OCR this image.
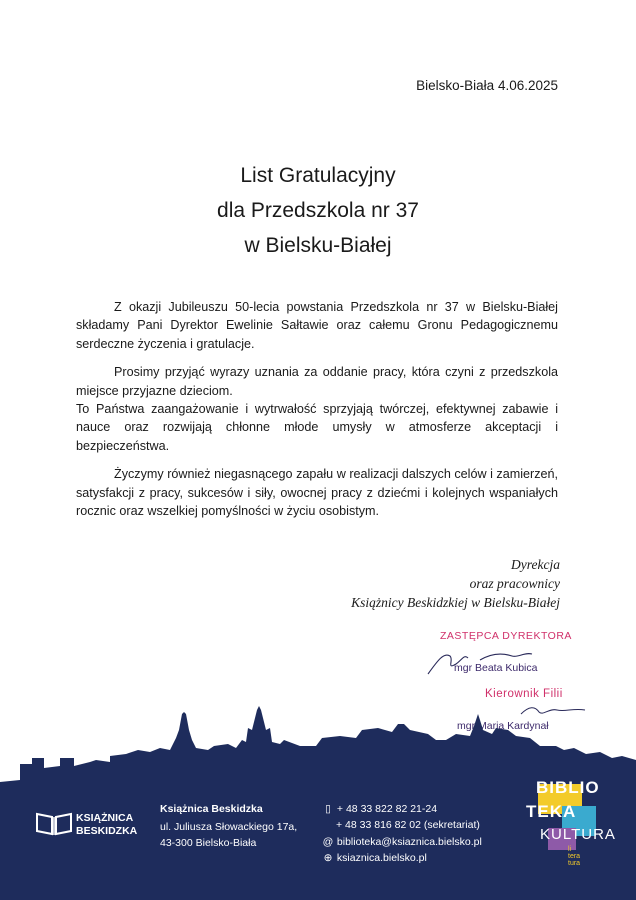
Bielsko-Biała 4.06.2025
List Gratulacyjny
dla Przedszkola nr 37
w Bielsku-Białej

Z okazji Jubileuszu 50-lecia powstania Przedszkola nr 37 w Bielsku-Białej składamy Pani Dyrektor Ewelinie Sałtawie oraz całemu Gronu Pedagogicznemu serdeczne życzenia i gratulacje.

Prosimy przyjąć wyrazy uznania za oddanie pracy, która czyni z przedszkola miejsce przyjazne dzieciom.

To Państwa zaangażowanie i wytrwałość sprzyjają twórczej, efektywnej zabawie i nauce oraz rozwijają chłonne młode umysły w atmosferze akceptacji i bezpieczeństwa.

Życzymy również niegasnącego zapału w realizacji dalszych celów i zamierzeń, satysfakcji z pracy, sukcesów i siły, owocnej pracy z dziećmi i kolejnych wspaniałych rocznic oraz wszelkiej pomyślności w życiu osobistym.

Dyrekcja
oraz pracownicy
Książnicy Beskidzkiej w Bielsku-Białej
ZASTĘPCA DYREKTORA
mgr Beata Kubica
Kierownik Filii
mgr Maria Kardynał
BIBLIO
TEKA
KULTURA
li
tera
tura
Książnica Beskidzka
ul. Juliusza Słowackiego 17a,
43-300 Bielsko-Biała
▯ + 48 33 822 82 21-24
+ 48 33 816 82 02 (sekretariat)
@ biblioteka@ksiaznica.bielsko.pl
⊕ ksiaznica.bielsko.pl
KSIĄŻNICA
BESKIDZKA
